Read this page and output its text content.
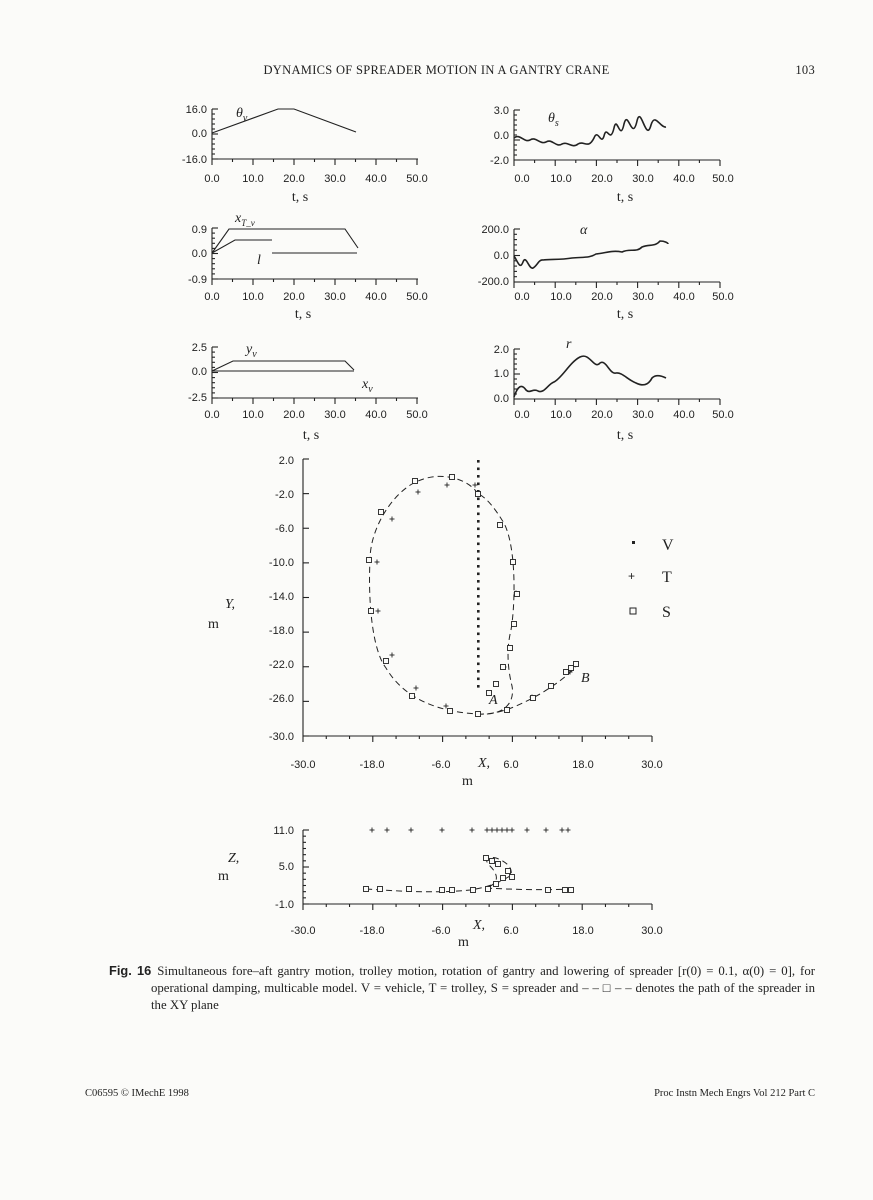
DYNAMICS OF SPREADER MOTION IN A GANTRY CRANE	103
16.0
0.0
-16.0
0.0 10.0 20.0 30.0 40.0 50.0
t, s
$\theta_v$
3.0
0.0
-2.0
0.0 10.0 20.0 30.0 40.0 50.0
t, s
$\theta_s$
0.9
0.0
-0.9
0.0 10.0 20.0 30.0 40.0 50.0
t, s
$x_{T\_v}$
l
200.0
0.0
-200.0
0.0 10.0 20.0 30.0 40.0 50.0
t, s
α
2.5
0.0
-2.5
0.0 10.0 20.0 30.0 40.0 50.0
t, s
$y_v$
$x_v$
2.0
1.0
0.0
0.0 10.0 20.0 30.0 40.0 50.0
t, s
r
2.0
-2.0
-6.0
-10.0
-14.0
-18.0
-22.0
-26.0
-30.0
-30.0	-18.0	-6.0	6.0	18.0	30.0
X,
m
Y,
m
A
B
V
+ T
S
11.0
5.0
-1.0
-30.0	-18.0	-6.0	6.0	18.0	30.0
X,
m
Z,
m
Fig. 16 Simultaneous fore–aft gantry motion, trolley motion, rotation of gantry and lowering of spreader [r(0) = 0.1, α(0) = 0], for operational damping, multicable model. V = vehicle, T = trolley, S = spreader and – – □ – – denotes the path of the spreader in the XY plane
C06595 © IMechE 1998	Proc Instn Mech Engrs Vol 212 Part C
